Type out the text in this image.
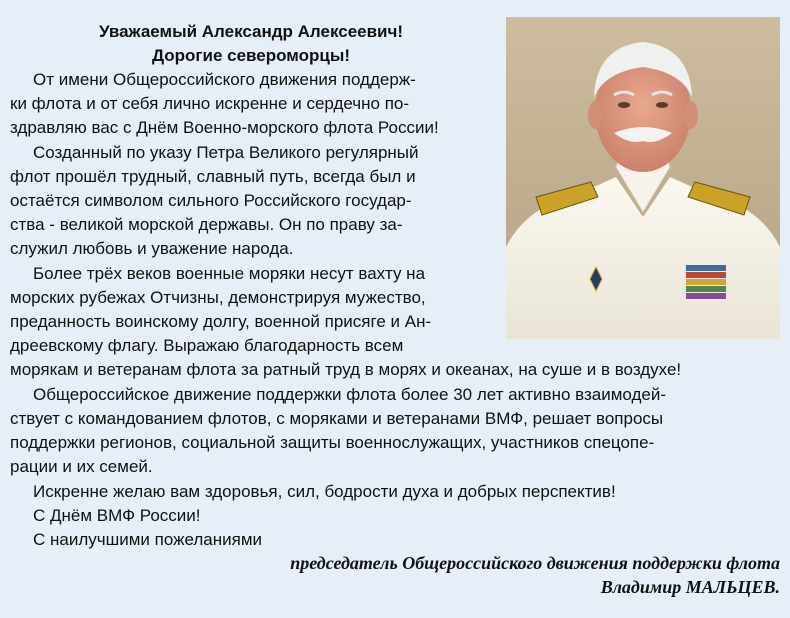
Уважаемый Александр Алексеевич!
Дорогие североморцы!
От имени Общероссийского движения поддерж-
ки флота и от себя лично искренне и сердечно по-
здравляю вас с Днём Военно-морского флота России!
Созданный по указу Петра Великого регулярный
флот прошёл трудный, славный путь, всегда был и
остаётся символом сильного Российского государ-
ства - великой морской державы. Он по праву за-
служил любовь и уважение народа.
Более трёх веков военные моряки несут вахту на
морских рубежах Отчизны, демонстрируя мужество,
преданность воинскому долгу, военной присяге и Ан-
дреевскому флагу. Выражаю благодарность всем
морякам и ветеранам флота за ратный труд в морях и океанах, на суше и в воздухе!
Общероссийское движение поддержки флота более 30 лет активно взаимодей-
ствует с командованием флотов, с моряками и ветеранами ВМФ, решает вопросы
поддержки регионов, социальной защиты военнослужащих, участников спецопе-
рации и их семей.
Искренне желаю вам здоровья, сил, бодрости духа и добрых перспектив!
С Днём ВМФ России!
С наилучшими пожеланиями
председатель Общероссийского движения поддержки флота
Владимир МАЛЬЦЕВ.
